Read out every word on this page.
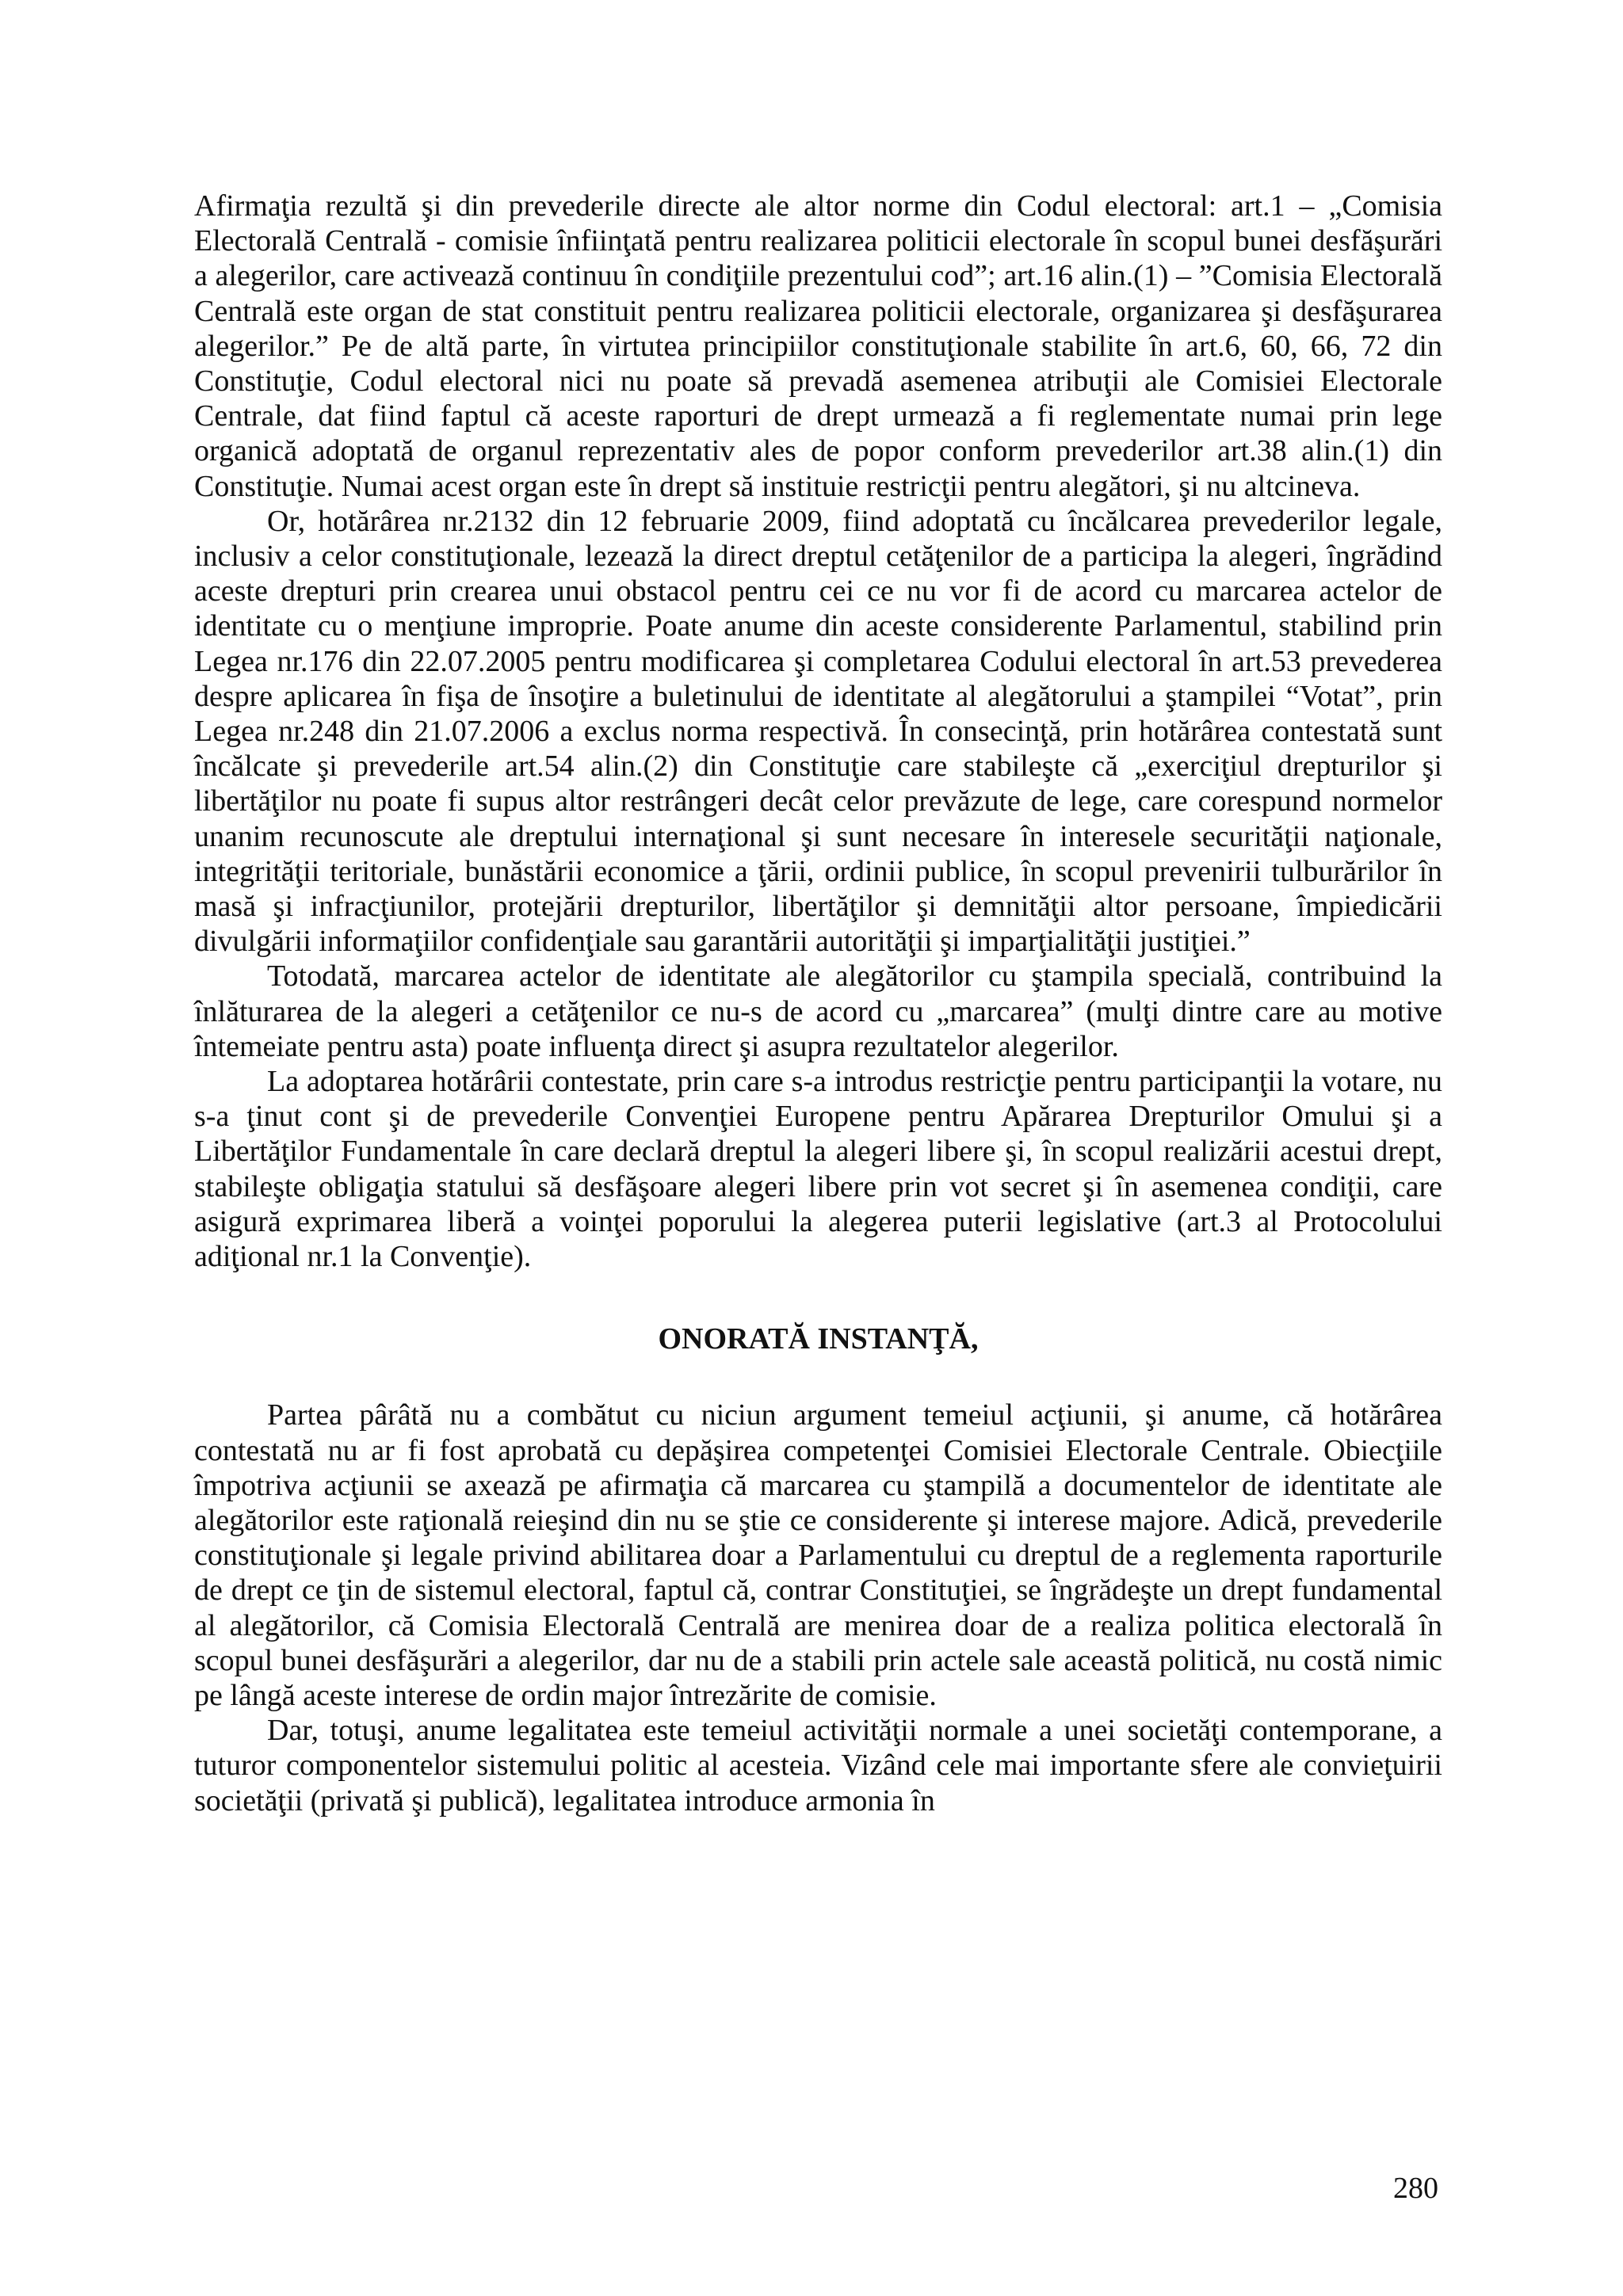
Afirmaţia rezultă şi din prevederile directe ale altor norme din Codul electoral: art.1 – „Comisia Electorală Centrală - comisie înfiinţată pentru realizarea politicii electorale în scopul bunei desfăşurări a alegerilor, care activează continuu în condiţiile prezentului cod”; art.16 alin.(1) – ”Comisia Electorală Centrală este organ de stat constituit pentru realizarea politicii electorale, organizarea şi desfăşurarea alegerilor.” Pe de altă parte, în virtutea principiilor constituţionale stabilite în art.6, 60, 66, 72 din Constituţie, Codul electoral nici nu poate să prevadă asemenea atribuţii ale Comisiei Electorale Centrale, dat fiind faptul că aceste raporturi de drept urmează a fi reglementate numai prin lege organică adoptată de organul reprezentativ ales de popor conform prevederilor art.38 alin.(1) din Constituţie. Numai acest organ este în drept să instituie restricţii pentru alegători, şi nu altcineva.

Or, hotărârea nr.2132 din 12 februarie 2009, fiind adoptată cu încălcarea prevederilor legale, inclusiv a celor constituţionale, lezează la direct dreptul cetăţenilor de a participa la alegeri, îngrădind aceste drepturi prin crearea unui obstacol pentru cei ce nu vor fi de acord cu marcarea actelor de identitate cu o menţiune improprie. Poate anume din aceste considerente Parlamentul, stabilind prin Legea nr.176 din 22.07.2005 pentru modificarea şi completarea Codului electoral în art.53 prevederea despre aplicarea în fişa de însoţire a buletinului de identitate al alegătorului a ştampilei “Votat”, prin Legea nr.248 din 21.07.2006 a exclus norma respectivă. În consecinţă, prin hotărârea contestată sunt încălcate şi prevederile art.54 alin.(2) din Constituţie care stabileşte că „exerciţiul drepturilor şi libertăţilor nu poate fi supus altor restrângeri decât celor prevăzute de lege, care corespund normelor unanim recunoscute ale dreptului internaţional şi sunt necesare în interesele securităţii naţionale, integrităţii teritoriale, bunăstării economice a ţării, ordinii publice, în scopul prevenirii tulburărilor în masă şi infracţiunilor, protejării drepturilor, libertăţilor şi demnităţii altor persoane, împiedicării divulgării informaţiilor confidenţiale sau garantării autorităţii şi imparţialităţii justiţiei.”

Totodată, marcarea actelor de identitate ale alegătorilor cu ştampila specială, contribuind la înlăturarea de la alegeri a cetăţenilor ce nu-s de acord cu „marcarea” (mulţi dintre care au motive întemeiate pentru asta) poate influenţa direct şi asupra rezultatelor alegerilor.

La adoptarea hotărârii contestate, prin care s-a introdus restricţie pentru participanţii la votare, nu s-a ţinut cont şi de prevederile Convenţiei Europene pentru Apărarea Drepturilor Omului şi a Libertăţilor Fundamentale în care declară dreptul la alegeri libere şi, în scopul realizării acestui drept, stabileşte obligaţia statului să desfăşoare alegeri libere prin vot secret şi în asemenea condiţii, care asigură exprimarea liberă a voinţei poporului la alegerea puterii legislative (art.3 al Protocolului adiţional nr.1 la Convenţie).

ONORATĂ INSTANŢĂ,

Partea pârâtă nu a combătut cu niciun argument temeiul acţiunii, şi anume, că hotărârea contestată nu ar fi fost aprobată cu depăşirea competenţei Comisiei Electorale Centrale. Obiecţiile împotriva acţiunii se axează pe afirmaţia că marcarea cu ştampilă a documentelor de identitate ale alegătorilor este raţională reieşind din nu se ştie ce considerente şi interese majore. Adică, prevederile constituţionale şi legale privind abilitarea doar a Parlamentului cu dreptul de a reglementa raporturile de drept ce ţin de sistemul electoral, faptul că, contrar Constituţiei, se îngrădeşte un drept fundamental al alegătorilor, că Comisia Electorală Centrală are menirea doar de a realiza politica electorală în scopul bunei desfăşurări a alegerilor, dar nu de a stabili prin actele sale această politică, nu costă nimic pe lângă aceste interese de ordin major întrezărite de comisie.

Dar, totuşi, anume legalitatea este temeiul activităţii normale a unei societăţi contemporane, a tuturor componentelor sistemului politic al acesteia. Vizând cele mai importante sfere ale convieţuirii societăţii (privată şi publică), legalitatea introduce armonia în

280
